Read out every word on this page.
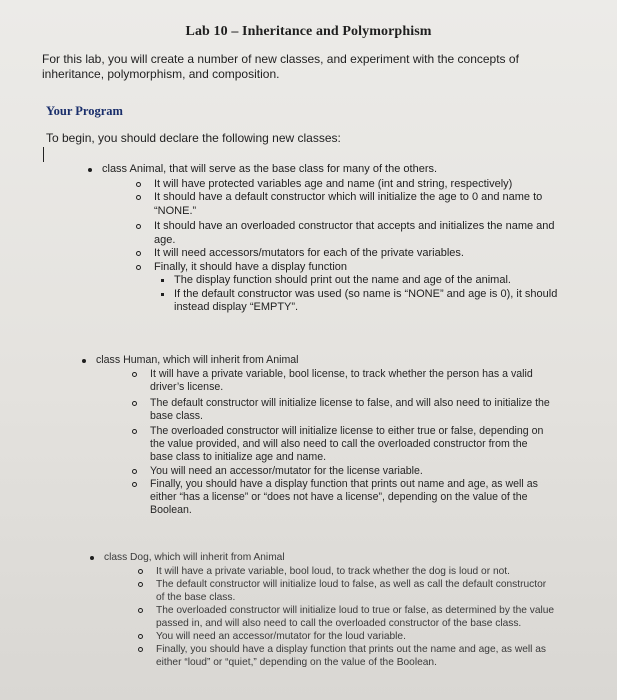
Lab 10 – Inheritance and Polymorphism
For this lab, you will create a number of new classes, and experiment with the concepts of inheritance, polymorphism, and composition.
Your Program
To begin, you should declare the following new classes:
class Animal, that will serve as the base class for many of the others.
It will have protected variables age and name (int and string, respectively)
It should have a default constructor which will initialize the age to 0 and name to “NONE.”
It should have an overloaded constructor that accepts and initializes the name and age.
It will need accessors/mutators for each of the private variables.
Finally, it should have a display function
The display function should print out the name and age of the animal.
If the default constructor was used (so name is “NONE” and age is 0), it should instead display “EMPTY”.
class Human, which will inherit from Animal
It will have a private variable, bool license, to track whether the person has a valid driver’s license.
The default constructor will initialize license to false, and will also need to initialize the base class.
The overloaded constructor will initialize license to either true or false, depending on the value provided, and will also need to call the overloaded constructor from the base class to initialize age and name.
You will need an accessor/mutator for the license variable.
Finally, you should have a display function that prints out name and age, as well as either “has a license” or “does not have a license”, depending on the value of the Boolean.
class Dog, which will inherit from Animal
It will have a private variable, bool loud, to track whether the dog is loud or not.
The default constructor will initialize loud to false, as well as call the default constructor of the base class.
The overloaded constructor will initialize loud to true or false, as determined by the value passed in, and will also need to call the overloaded constructor of the base class.
You will need an accessor/mutator for the loud variable.
Finally, you should have a display function that prints out the name and age, as well as either “loud” or “quiet,” depending on the value of the Boolean.
